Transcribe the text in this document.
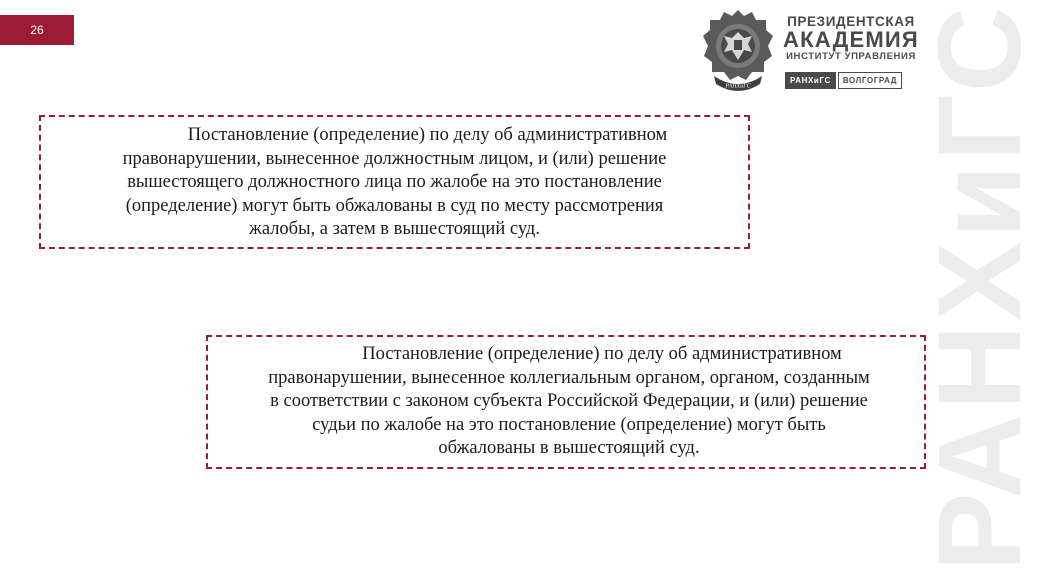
26	РАНХиГС
РАНХиГС
ПРЕЗИДЕНТСКАЯ
АКАДЕМИЯ
ИНСТИТУТ УПРАВЛЕНИЯ
РАНХиГС	ВОЛГОГРАД

Постановление (определение) по делу об административном
правонарушении, вынесенное должностным лицом, и (или) решение
вышестоящего должностного лица по жалобе на это постановление
(определение) могут быть обжалованы в суд по месту рассмотрения
жалобы, а затем в вышестоящий суд.

Постановление (определение) по делу об административном
правонарушении, вынесенное коллегиальным органом, органом, созданным
в соответствии с законом субъекта Российской Федерации, и (или) решение
судьи по жалобе на это постановление (определение) могут быть
обжалованы в вышестоящий суд.
